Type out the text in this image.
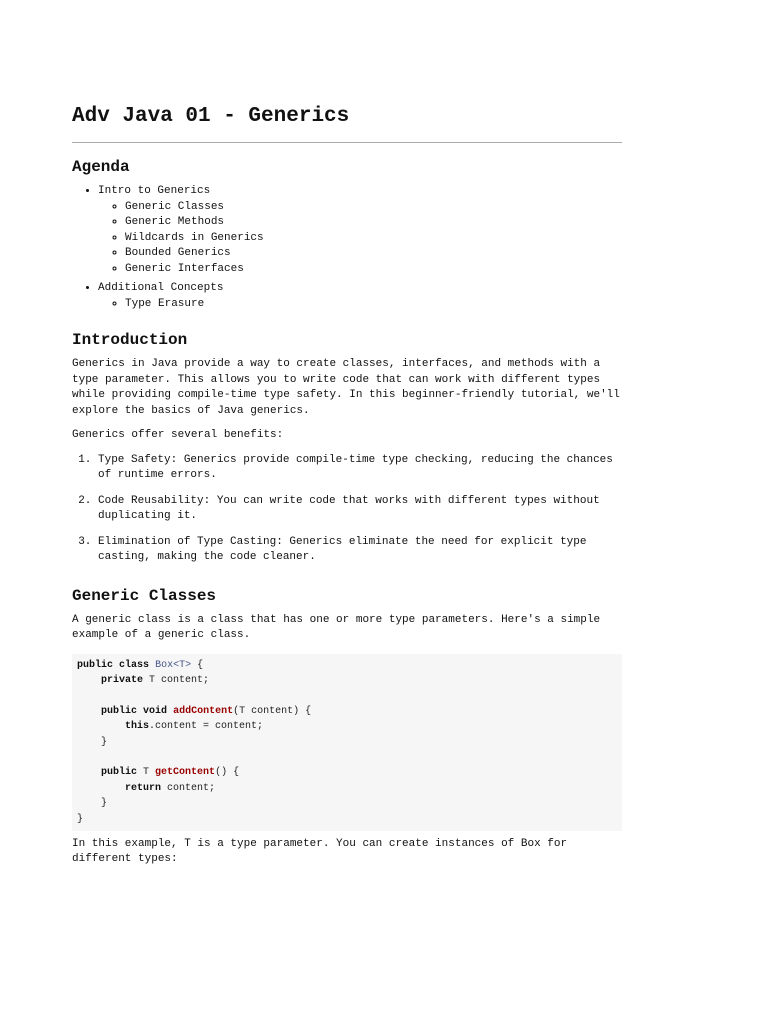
Adv Java 01 - Generics
Agenda
• Intro to Generics
◦ Generic Classes
◦ Generic Methods
◦ Wildcards in Generics
◦ Bounded Generics
◦ Generic Interfaces
• Additional Concepts
◦ Type Erasure
Introduction

Generics in Java provide a way to create classes, interfaces, and methods with a type parameter. This allows you to write code that can work with different types while providing compile-time type safety. In this beginner-friendly tutorial, we'll explore the basics of Java generics.

Generics offer several benefits:

1. Type Safety: Generics provide compile-time type checking, reducing the chances of runtime errors.
2. Code Reusability: You can write code that works with different types without duplicating it.
3. Elimination of Type Casting: Generics eliminate the need for explicit type casting, making the code cleaner.
Generic Classes

A generic class is a class that has one or more type parameters. Here's a simple example of a generic class.

public class Box<T> {
private T content;

public void addContent(T content) {
this.content = content;
}

public T getContent() {
return content;
}
}

In this example, T is a type parameter. You can create instances of Box for different types:
